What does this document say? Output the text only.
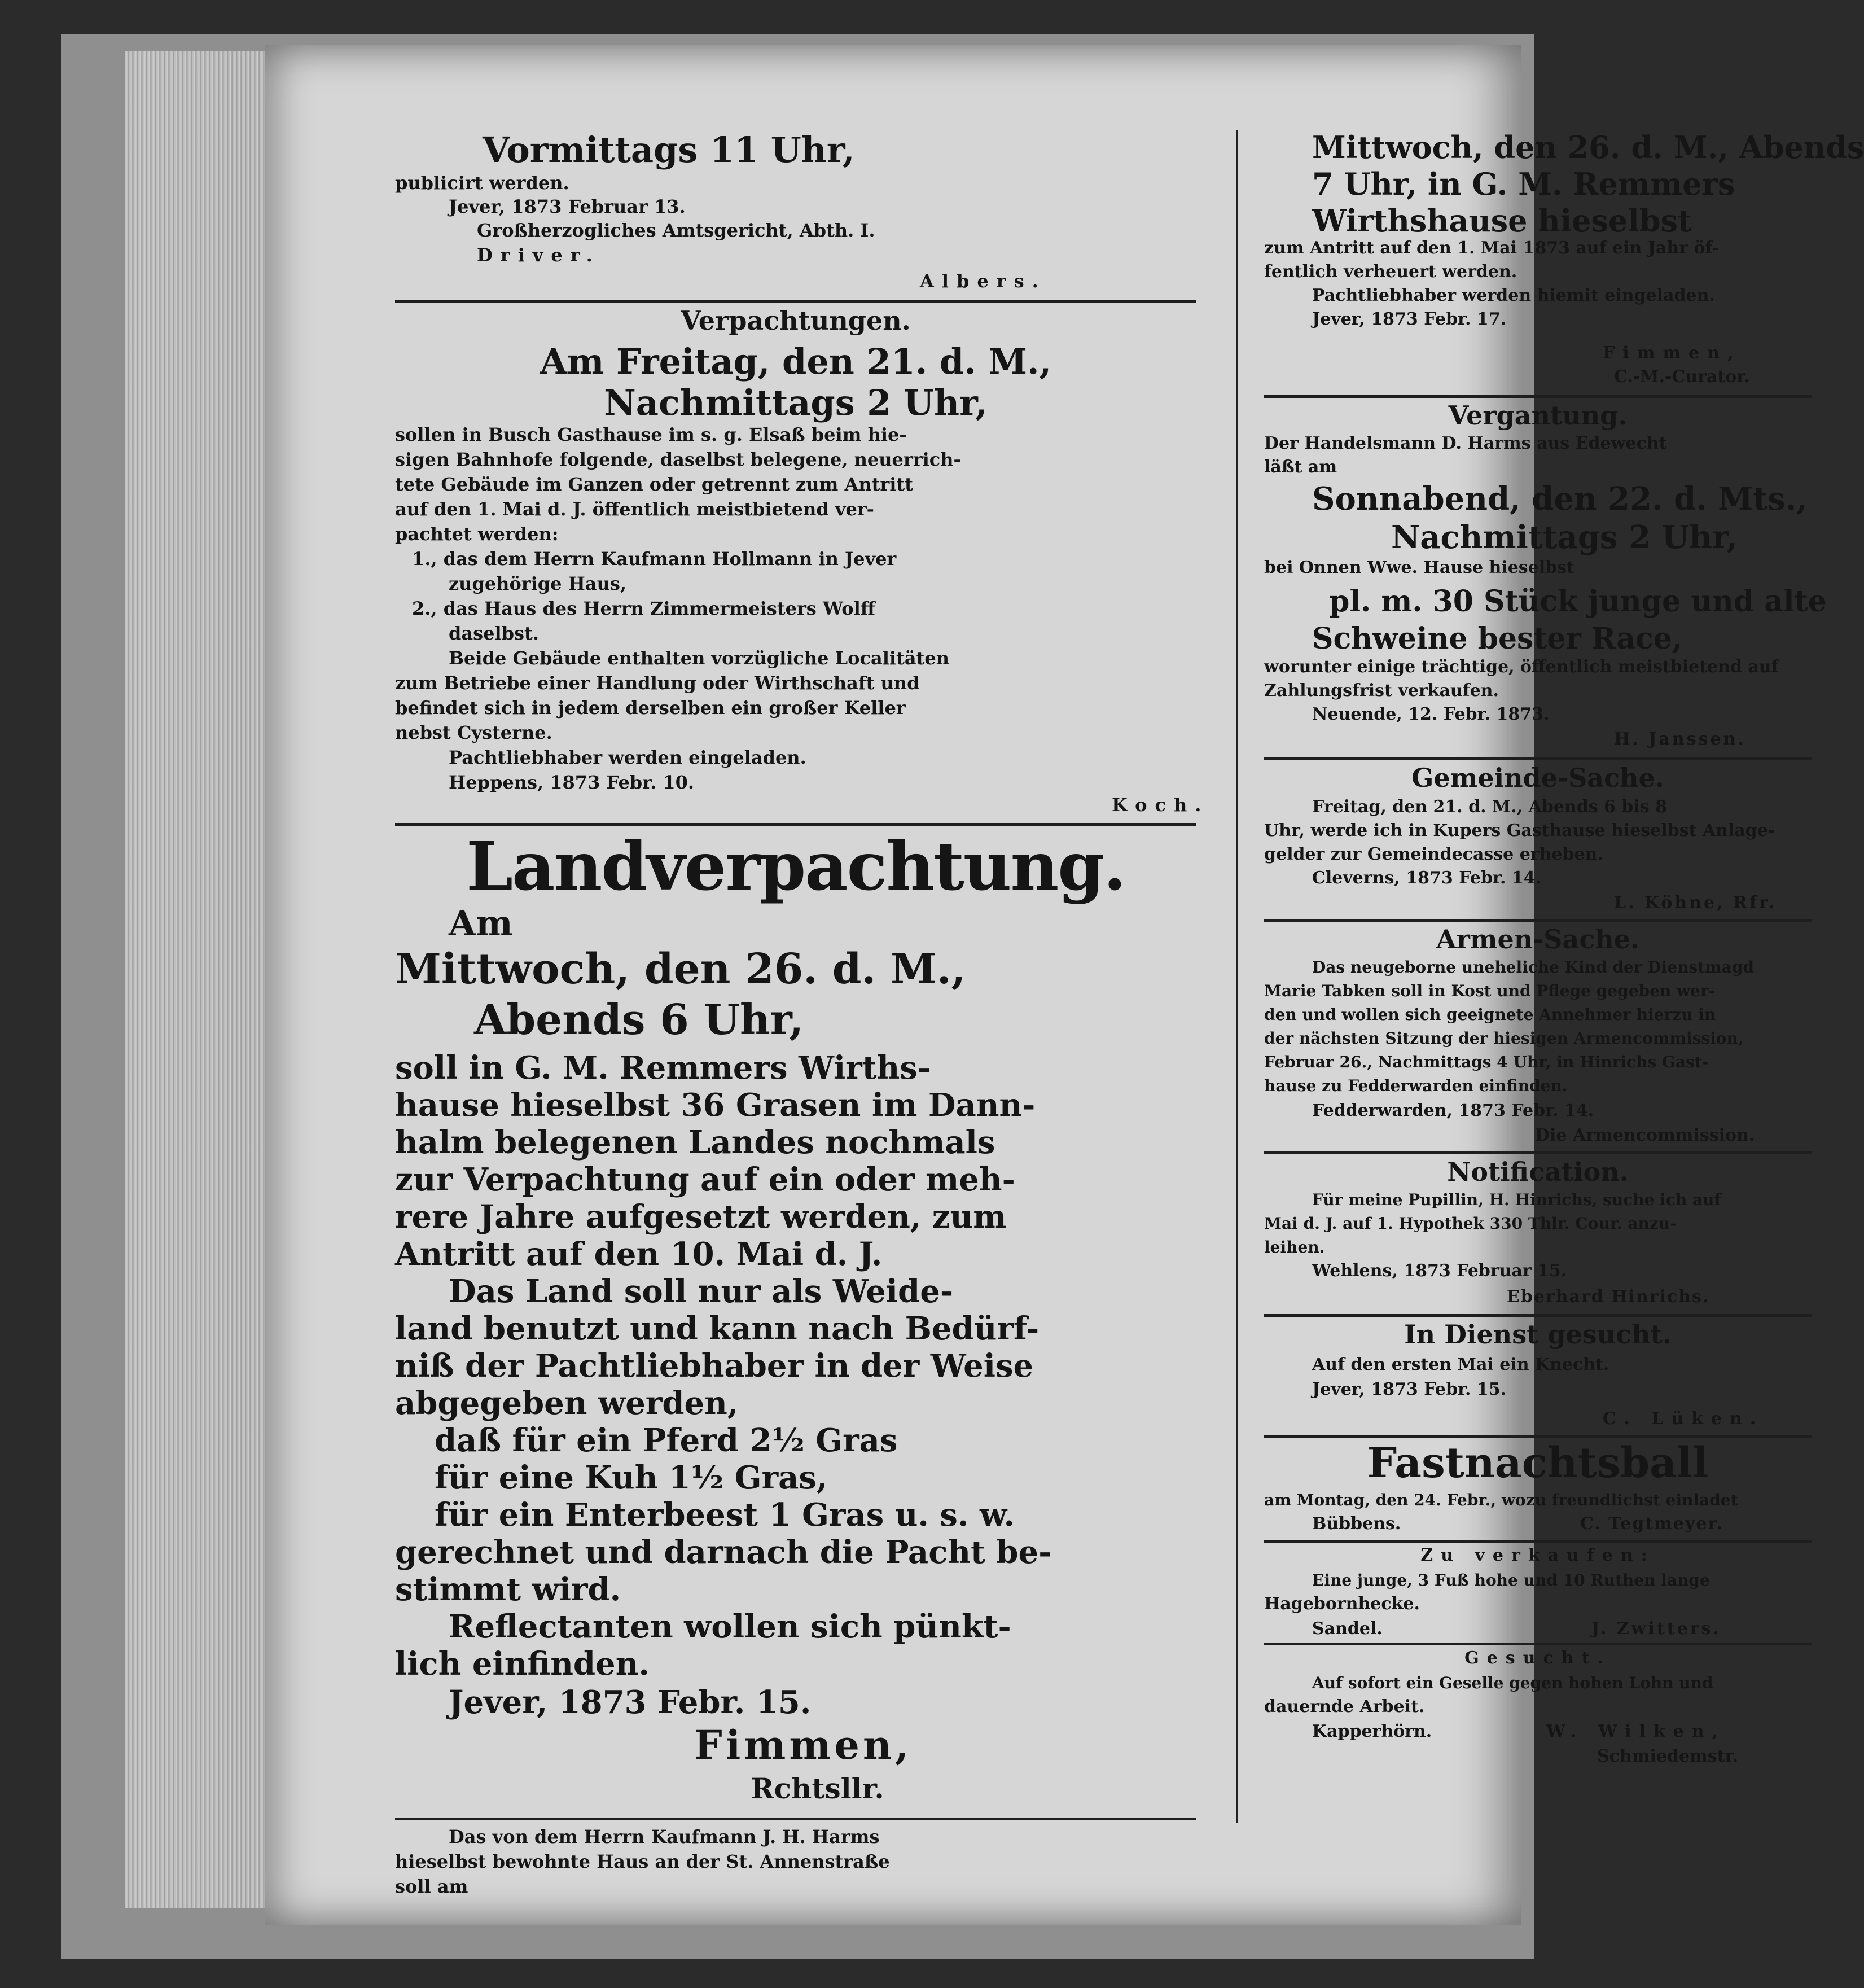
Vormittags 11 Uhr,
publicirt werden.
Jever, 1873 Februar 13.
Großherzogliches Amtsgericht, Abth. I.
Driver.
Albers.
Verpachtungen.
Am Freitag, den 21. d. M.,
Nachmittags 2 Uhr,
sollen in Busch Gasthause im s. g. Elsaß beim hie-
sigen Bahnhofe folgende, daselbst belegene, neuerrich-
tete Gebäude im Ganzen oder getrennt zum Antritt
auf den 1. Mai d. J. öffentlich meistbietend ver-
pachtet werden:
1., das dem Herrn Kaufmann Hollmann in Jever
zugehörige Haus,
2., das Haus des Herrn Zimmermeisters Wolff
daselbst.
Beide Gebäude enthalten vorzügliche Localitäten
zum Betriebe einer Handlung oder Wirthschaft und
befindet sich in jedem derselben ein großer Keller
nebst Cysterne.
Pachtliebhaber werden eingeladen.
Heppens, 1873 Febr. 10.
Koch.
Landverpachtung.
Am
Mittwoch, den 26. d. M.,
Abends 6 Uhr,
soll in G. M. Remmers Wirths-
hause hieselbst 36 Grasen im Dann-
halm belegenen Landes nochmals
zur Verpachtung auf ein oder meh-
rere Jahre aufgesetzt werden, zum
Antritt auf den 10. Mai d. J.
Das Land soll nur als Weide-
land benutzt und kann nach Bedürf-
niß der Pachtliebhaber in der Weise
abgegeben werden,
daß für ein Pferd 2½ Gras
für eine Kuh 1½ Gras,
für ein Enterbeest 1 Gras u. s. w.
gerechnet und darnach die Pacht be-
stimmt wird.
Reflectanten wollen sich pünkt-
lich einfinden.
Jever, 1873 Febr. 15.
Fimmen,
Rchtsllr.
Das von dem Herrn Kaufmann J. H. Harms
hieselbst bewohnte Haus an der St. Annenstraße
soll am
Mittwoch, den 26. d. M., Abends
7 Uhr, in G. M. Remmers
Wirthshause hieselbst
zum Antritt auf den 1. Mai 1873 auf ein Jahr öf-
fentlich verheuert werden.
Pachtliebhaber werden hiemit eingeladen.
Jever, 1873 Febr. 17.
Fimmen,
C.-M.-Curator.
Vergantung.
Der Handelsmann D. Harms aus Edewecht
läßt am
Sonnabend, den 22. d. Mts.,
Nachmittags 2 Uhr,
bei Onnen Wwe. Hause hieselbst
pl. m. 30 Stück junge und alte
Schweine bester Race,
worunter einige trächtige, öffentlich meistbietend auf
Zahlungsfrist verkaufen.
Neuende, 12. Febr. 1873.
H. Janssen.
Gemeinde-Sache.
Freitag, den 21. d. M., Abends 6 bis 8
Uhr, werde ich in Kupers Gasthause hieselbst Anlage-
gelder zur Gemeindecasse erheben.
Cleverns, 1873 Febr. 14.
L. Köhne, Rfr.
Armen-Sache.
Das neugeborne uneheliche Kind der Dienstmagd
Marie Tabken soll in Kost und Pflege gegeben wer-
den und wollen sich geeignete Annehmer hierzu in
der nächsten Sitzung der hiesigen Armencommission,
Februar 26., Nachmittags 4 Uhr, in Hinrichs Gast-
hause zu Fedderwarden einfinden.
Fedderwarden, 1873 Febr. 14.
Die Armencommission.
Notification.
Für meine Pupillin, H. Hinrichs, suche ich auf
Mai d. J. auf 1. Hypothek 330 Thlr. Cour. anzu-
leihen.
Wehlens, 1873 Februar 15.
Eberhard Hinrichs.
In Dienst gesucht.
Auf den ersten Mai ein Knecht.
Jever, 1873 Febr. 15.
C. Lüken.
Fastnachtsball
am Montag, den 24. Febr., wozu freundlichst einladet
Bübbens.	C. Tegtmeyer.
Zu verkaufen:
Eine junge, 3 Fuß hohe und 10 Ruthen lange
Hagebornhecke.
Sandel.	J. Zwitters.
Gesucht.
Auf sofort ein Geselle gegen hohen Lohn und
dauernde Arbeit.
Kapperhörn.	W. Wilken,
Schmiedemstr.
